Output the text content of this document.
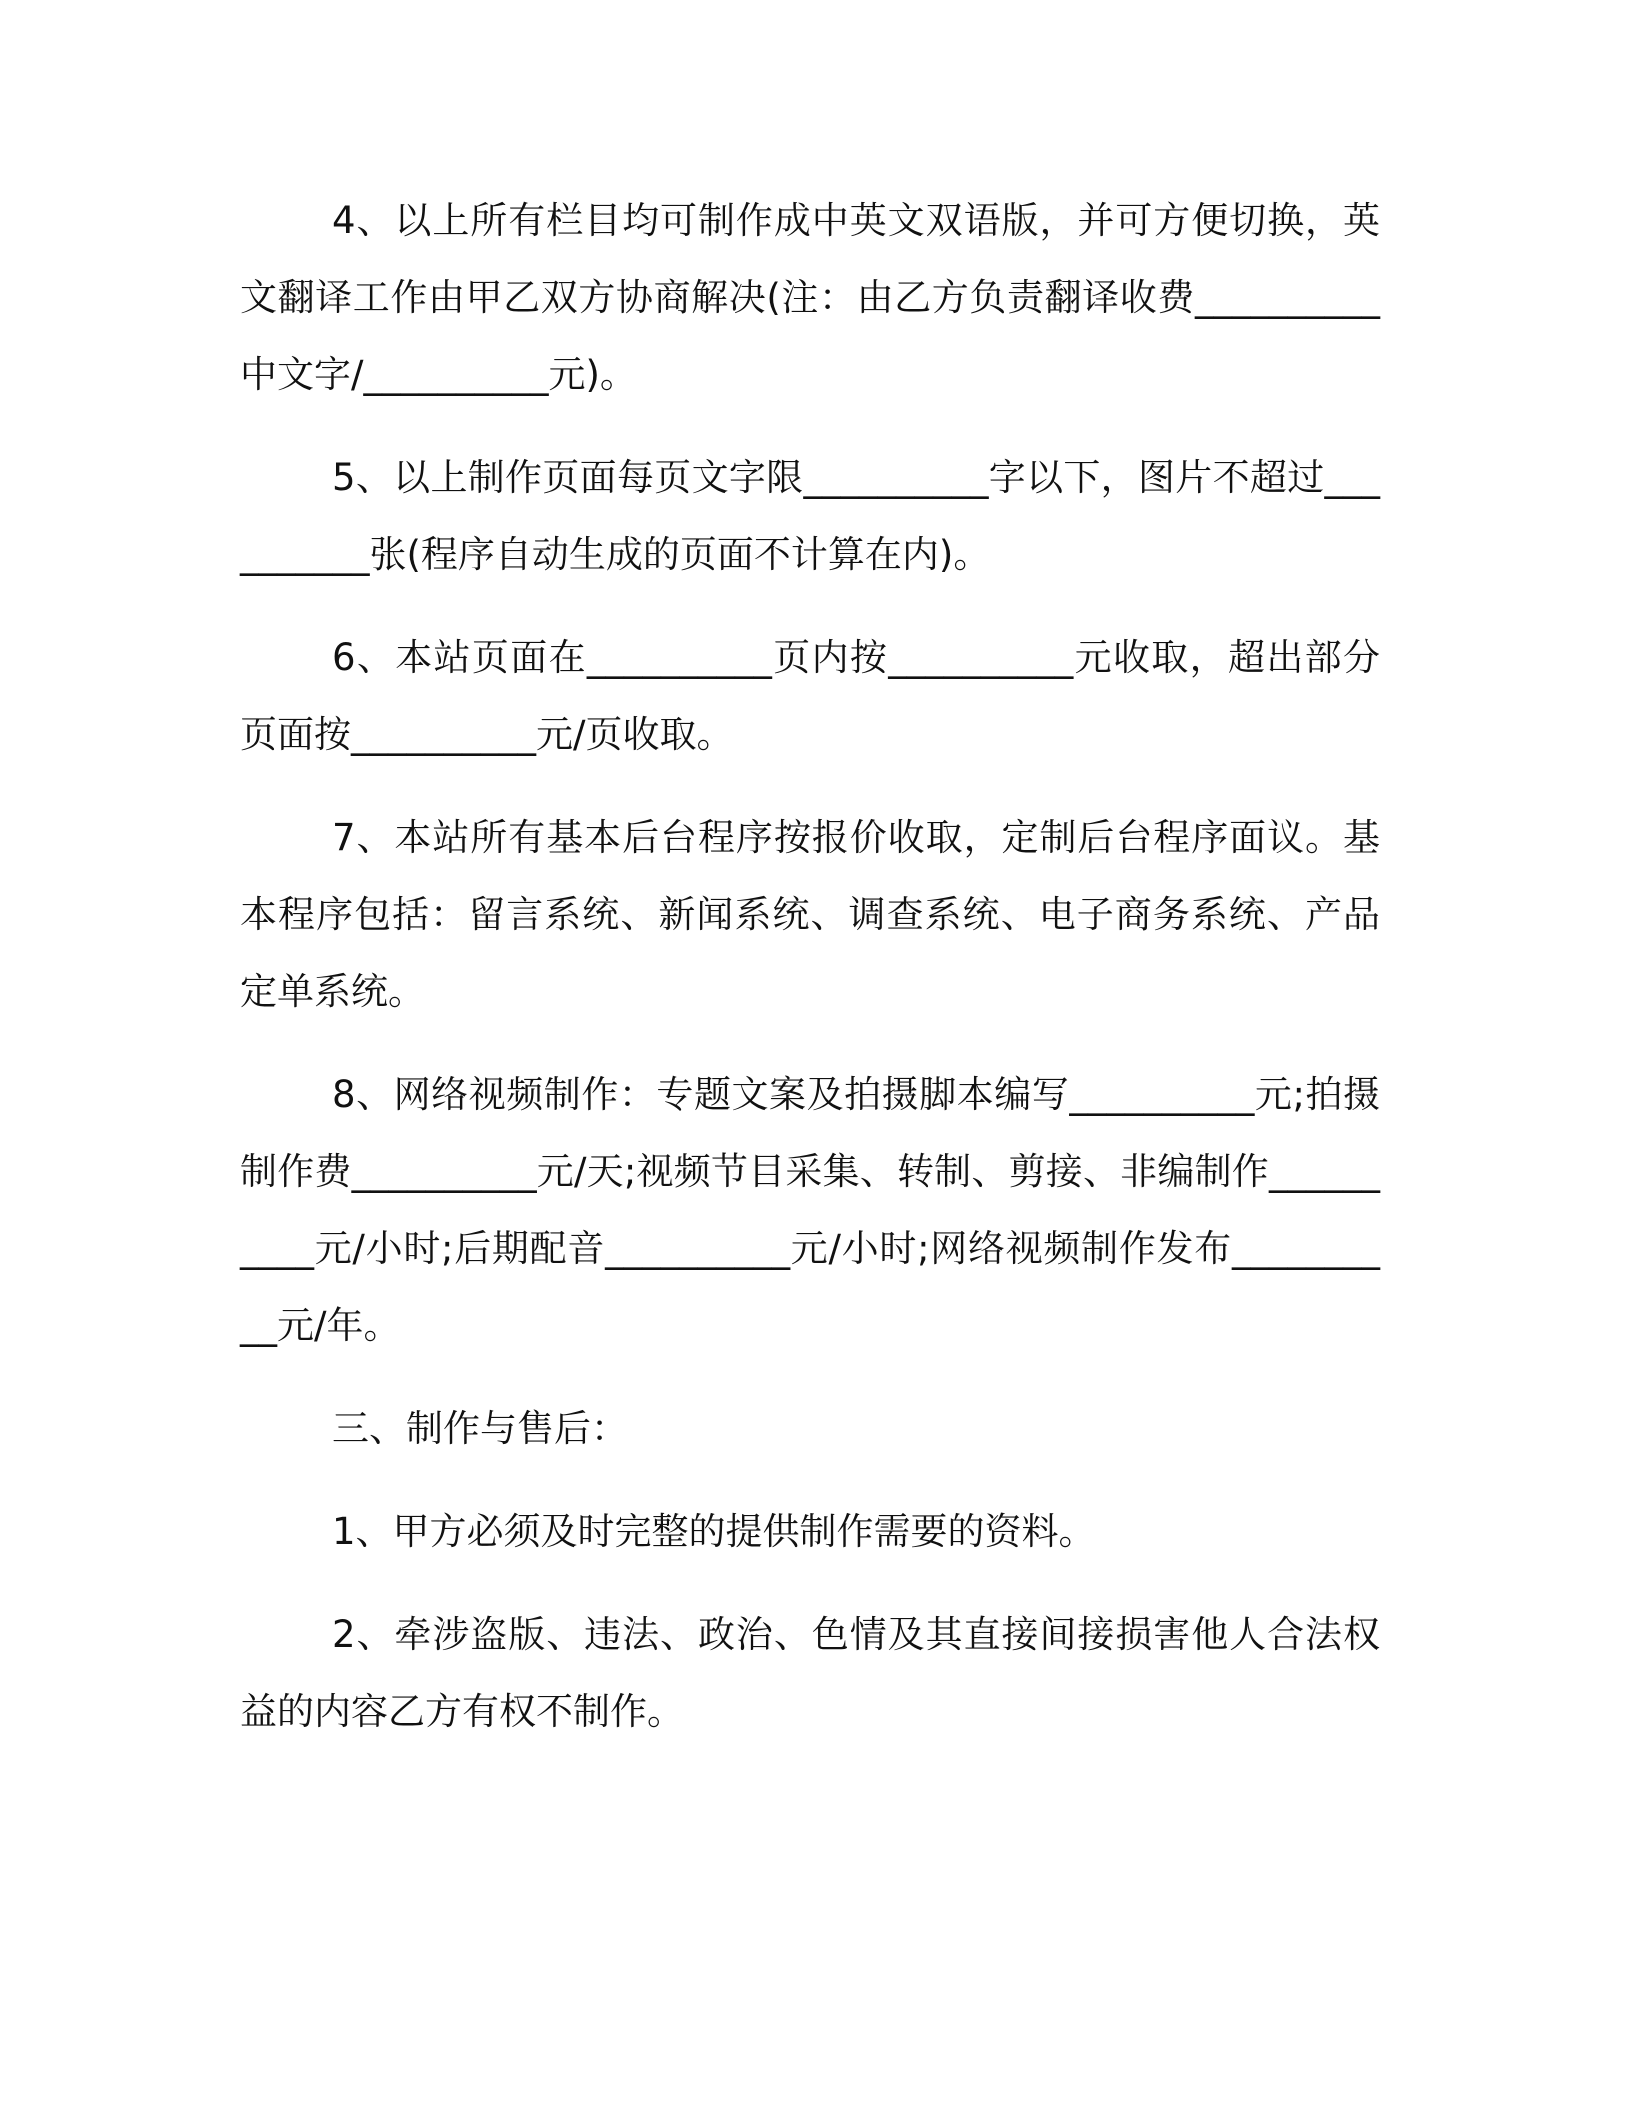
4、以上所有栏目均可制作成中英文双语版，并可方便切换，英文翻译工作由甲乙双方协商解决(注：由乙方负责翻译收费__________中文字/__________元)。

5、以上制作页面每页文字限__________字以下，图片不超过__________张(程序自动生成的页面不计算在内)。

6、本站页面在__________页内按__________元收取，超出部分页面按__________元/页收取。

7、本站所有基本后台程序按报价收取，定制后台程序面议。基本程序包括：留言系统、新闻系统、调查系统、电子商务系统、产品定单系统。

8、网络视频制作：专题文案及拍摄脚本编写__________元;拍摄制作费__________元/天;视频节目采集、转制、剪接、非编制作__________元/小时;后期配音__________元/小时;网络视频制作发布__________元/年。

三、制作与售后：

1、甲方必须及时完整的提供制作需要的资料。

2、牵涉盗版、违法、政治、色情及其直接间接损害他人合法权益的内容乙方有权不制作。
